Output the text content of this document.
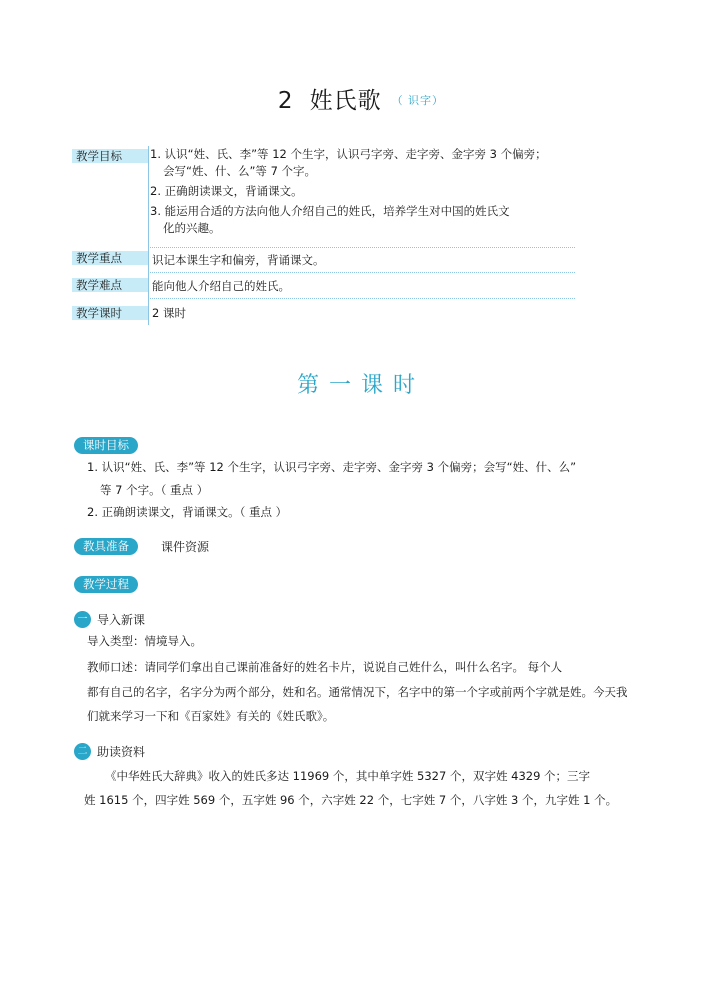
2 姓氏歌 $^{( 识字)}$
教学目标	1. 认识“姓、氏、李”等 12 个生字，认识弓字旁、走字旁、金字旁 3 个偏旁；
会写“姓、什、么”等 7 个字。
2. 正确朗读课文，背诵课文。
3. 能运用合适的方法向他人介绍自己的姓氏，培养学生对中国的姓氏文
化的兴趣。
教学重点	识记本课生字和偏旁，背诵课文。
教学难点	能向他人介绍自己的姓氏。
教学课时	2 课时
第一课时
课时目标
1. 认识“姓、氏、李”等 12 个生字，认识弓字旁、走字旁、金字旁 3 个偏旁；会写“姓、什、么”
等 7 个字。（ 重点 ）
2. 正确朗读课文，背诵课文。（ 重点 ）
教具准备	课件资源
教学过程
一 导入新课
导入类型：情境导入。
教师口述：请同学们拿出自己课前准备好的姓名卡片，说说自己姓什么，叫什么名字。 每个人
都有自己的名字，名字分为两个部分，姓和名。通常情况下，名字中的第一个字或前两个字就是姓。今天我
们就来学习一下和《百家姓》有关的《姓氏歌》。
二 助读资料
《中华姓氏大辞典》收入的姓氏多达 11969 个，其中单字姓 5327 个，双字姓 4329 个；三字
姓 1615 个，四字姓 569 个，五字姓 96 个，六字姓 22 个，七字姓 7 个，八字姓 3 个，九字姓 1 个。
